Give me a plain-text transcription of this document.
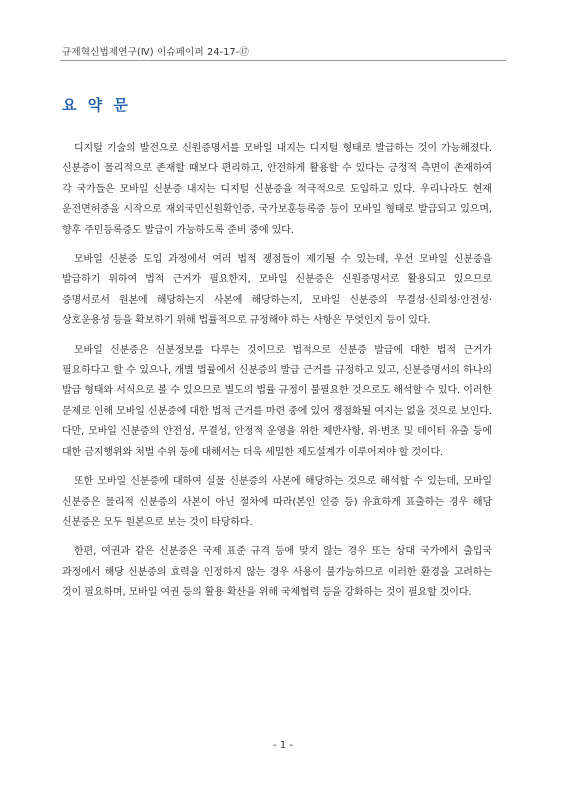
규제혁신법제연구(Ⅳ) 이슈페이퍼 24-17-⑰
요 약 문

디지털 기술의 발전으로 신원증명서를 모바일 내지는 디지털 형태로 발급하는 것이 가능해졌다. 신분증이 물리적으로 존재할 때보다 편리하고, 안전하게 활용할 수 있다는 긍정적 측면이 존재하여 각 국가들은 모바일 신분증 내지는 디지털 신분증을 적극적으로 도입하고 있다. 우리나라도 현재 운전면허증을 시작으로 재외국민신원확인증, 국가보훈등록증 등이 모바일 형태로 발급되고 있으며, 향후 주민등록증도 발급이 가능하도록 준비 중에 있다.

모바일 신분증 도입 과정에서 여러 법적 쟁점들이 제기될 수 있는데, 우선 모바일 신분증을 발급하기 위하여 법적 근거가 필요한지, 모바일 신분증은 신원증명서로 활용되고 있으므로 증명서로서 원본에 해당하는지 사본에 해당하는지, 모바일 신분증의 무결성·신뢰성·안전성·상호운용성 등을 확보하기 위해 법률적으로 규정해야 하는 사항은 무엇인지 등이 있다.

모바일 신분증은 신분정보를 다루는 것이므로 법적으로 신분증 발급에 대한 법적 근거가 필요하다고 할 수 있으나, 개별 법률에서 신분증의 발급 근거를 규정하고 있고, 신분증명서의 하나의 발급 형태와 서식으로 볼 수 있으므로 별도의 법률 규정이 불필요한 것으로도 해석할 수 있다. 이러한 문제로 인해 모바일 신분증에 대한 법적 근거를 마련 중에 있어 쟁점화될 여지는 없을 것으로 보인다. 다만, 모바일 신분증의 안전성, 무결성, 안정적 운영을 위한 제반사항, 위·변조 및 데이터 유출 등에 대한 금지행위와 처벌 수위 등에 대해서는 더욱 세밀한 제도설계가 이루어져야 할 것이다.

또한 모바일 신분증에 대하여 실물 신분증의 사본에 해당하는 것으로 해석할 수 있는데, 모바일 신분증은 물리적 신분증의 사본이 아닌 절차에 따라(본인 인증 등) 유효하게 표출하는 경우 해당 신분증은 모두 원본으로 보는 것이 타당하다.

한편, 여권과 같은 신분증은 국제 표준 규격 등에 맞지 않는 경우 또는 상대 국가에서 출입국 과정에서 해당 신분증의 효력을 인정하지 않는 경우 사용이 불가능하므로 이러한 환경을 고려하는 것이 필요하며, 모바일 여권 등의 활용 확산을 위해 국제협력 등을 강화하는 것이 필요할 것이다.

- 1 -
